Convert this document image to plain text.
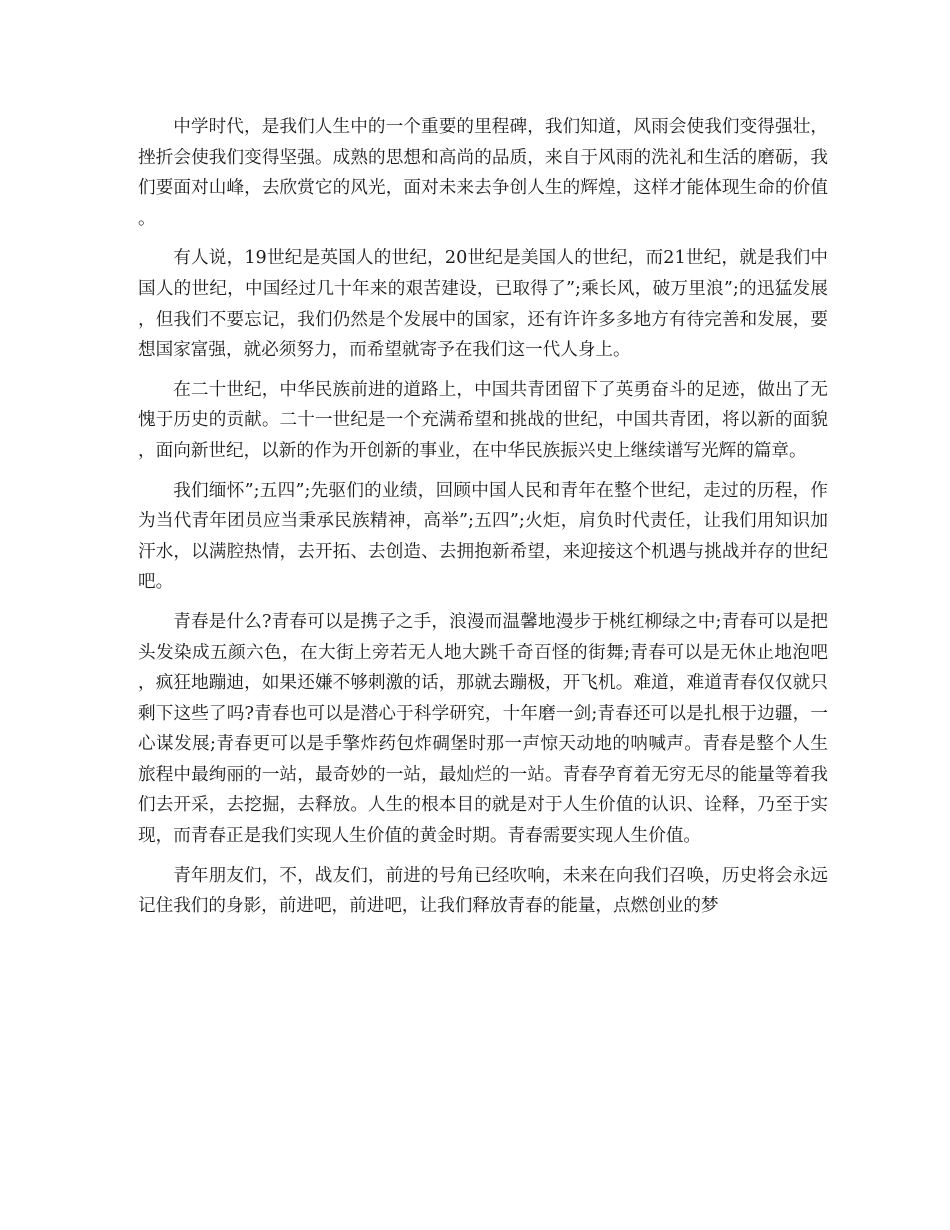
中学时代，是我们人生中的一个重要的里程碑，我们知道，风雨会使我们变得强壮，挫折会使我们变得坚强。成熟的思想和高尚的品质，来自于风雨的洗礼和生活的磨砺，我们要面对山峰，去欣赏它的风光，面对未来去争创人生的辉煌，这样才能体现生命的价值。

有人说，19世纪是英国人的世纪，20世纪是美国人的世纪，而21世纪，就是我们中国人的世纪，中国经过几十年来的艰苦建设，已取得了”;乘长风，破万里浪”;的迅猛发展，但我们不要忘记，我们仍然是个发展中的国家，还有许许多多地方有待完善和发展，要想国家富强，就必须努力，而希望就寄予在我们这一代人身上。

在二十世纪，中华民族前进的道路上，中国共青团留下了英勇奋斗的足迹，做出了无愧于历史的贡献。二十一世纪是一个充满希望和挑战的世纪，中国共青团，将以新的面貌，面向新世纪，以新的作为开创新的事业，在中华民族振兴史上继续谱写光辉的篇章。

我们缅怀”;五四”;先驱们的业绩，回顾中国人民和青年在整个世纪，走过的历程，作为当代青年团员应当秉承民族精神，高举”;五四”;火炬，肩负时代责任，让我们用知识加汗水，以满腔热情，去开拓、去创造、去拥抱新希望，来迎接这个机遇与挑战并存的世纪吧。

青春是什么?青春可以是携子之手，浪漫而温馨地漫步于桃红柳绿之中;青春可以是把头发染成五颜六色，在大街上旁若无人地大跳千奇百怪的街舞;青春可以是无休止地泡吧，疯狂地蹦迪，如果还嫌不够刺激的话，那就去蹦极，开飞机。难道，难道青春仅仅就只剩下这些了吗?青春也可以是潜心于科学研究，十年磨一剑;青春还可以是扎根于边疆，一心谋发展;青春更可以是手擎炸药包炸碉堡时那一声惊天动地的呐喊声。青春是整个人生旅程中最绚丽的一站，最奇妙的一站，最灿烂的一站。青春孕育着无穷无尽的能量等着我们去开采，去挖掘，去释放。人生的根本目的就是对于人生价值的认识、诠释，乃至于实现，而青春正是我们实现人生价值的黄金时期。青春需要实现人生价值。

青年朋友们，不，战友们，前进的号角已经吹响，未来在向我们召唤，历史将会永远记住我们的身影，前进吧，前进吧，让我们释放青春的能量，点燃创业的梦
